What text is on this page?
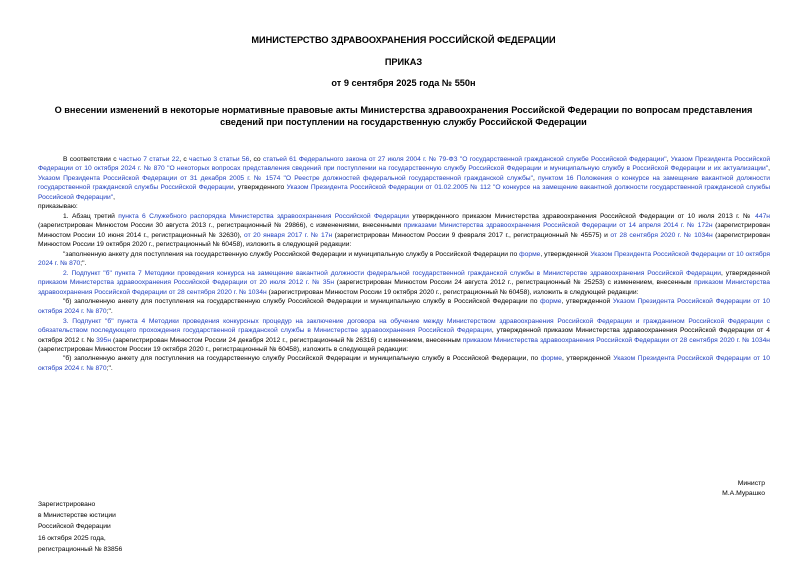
МИНИСТЕРСТВО ЗДРАВООХРАНЕНИЯ РОССИЙСКОЙ ФЕДЕРАЦИИ
ПРИКАЗ
от 9 сентября 2025 года № 550н
О внесении изменений в некоторые нормативные правовые акты Министерства здравоохранения Российской Федерации по вопросам представления сведений при поступлении на государственную службу Российской Федерации

В соответствии с частью 7 статьи 22, с частью 3 статьи 56, со статьей 61 Федерального закона от 27 июля 2004 г. № 79-ФЗ "О государственной гражданской службе Российской Федерации", Указом Президента Российской Федерации от 10 октября 2024 г. № 870 "О некоторых вопросах представления сведений при поступлении на государственную службу Российской Федерации и муниципальную службу в Российской Федерации и их актуализации", Указом Президента Российской Федерации от 31 декабря 2005 г. № 1574 "О Реестре должностей федеральной государственной гражданской службы", пунктом 16 Положения о конкурсе на замещение вакантной должности государственной гражданской службы Российской Федерации, утвержденного Указом Президента Российской Федерации от 01.02.2005 № 112 "О конкурсе на замещение вакантной должности государственной гражданской службы Российской Федерации",

приказываю:

1. Абзац третий пункта 6 Служебного распорядка Министерства здравоохранения Российской Федерации утвержденного приказом Министерства здравоохранения Российской Федерации от 10 июля 2013 г. № 447н (зарегистрирован Минюстом России 30 августа 2013 г., регистрационный № 29866), с изменениями, внесенными приказами Министерства здравоохранения Российской Федерации от 14 апреля 2014 г. № 172н (зарегистрирован Минюстом России 10 июня 2014 г., регистрационный № 32630), от 20 января 2017 г. № 17н (зарегистрирован Минюстом России 9 февраля 2017 г., регистрационный № 45575) и от 28 сентября 2020 г. № 1034н (зарегистрирован Минюстом России 19 октября 2020 г., регистрационный № 60458), изложить в следующей редакции:

"заполненную анкету для поступления на государственную службу Российской Федерации и муниципальную службу в Российской Федерации по форме, утвержденной Указом Президента Российской Федерации от 10 октября 2024 г. № 870;".

2. Подпункт "б" пункта 7 Методики проведения конкурса на замещение вакантной должности федеральной государственной гражданской службы в Министерстве здравоохранения Российской Федерации, утвержденной приказом Министерства здравоохранения Российской Федерации от 20 июля 2012 г. № 35н (зарегистрирован Минюстом России 24 августа 2012 г., регистрационный № 25253) с изменением, внесенным приказом Министерства здравоохранения Российской Федерации от 28 сентября 2020 г. № 1034н (зарегистрирован Минюстом России 19 октября 2020 г., регистрационный № 60458), изложить в следующей редакции:

"б) заполненную анкету для поступления на государственную службу Российской Федерации и муниципальную службу в Российской Федерации по форме, утвержденной Указом Президента Российской Федерации от 10 октября 2024 г. № 870;".

3. Подпункт "б" пункта 4 Методики проведения конкурсных процедур на заключение договора на обучение между Министерством здравоохранения Российской Федерации и гражданином Российской Федерации с обязательством последующего прохождения государственной гражданской службы в Министерстве здравоохранения Российской Федерации, утвержденной приказом Министерства здравоохранения Российской Федерации от 4 октября 2012 г. № 395н (зарегистрирован Минюстом России 24 декабря 2012 г., регистрационный № 26316) с изменением, внесенным приказом Министерства здравоохранения Российской Федерации от 28 сентября 2020 г. № 1034н (зарегистрирован Минюстом России 19 октября 2020 г., регистрационный № 60458), изложить в следующей редакции:

"б) заполненную анкету для поступления на государственную службу Российской Федерации и муниципальную службу в Российской Федерации, по форме, утвержденной Указом Президента Российской Федерации от 10 октября 2024 г. № 870;".

Министр
М.А.Мурашко
Зарегистрировано
в Министерстве юстиции
Российской Федерации
16 октября 2025 года,
регистрационный № 83856
